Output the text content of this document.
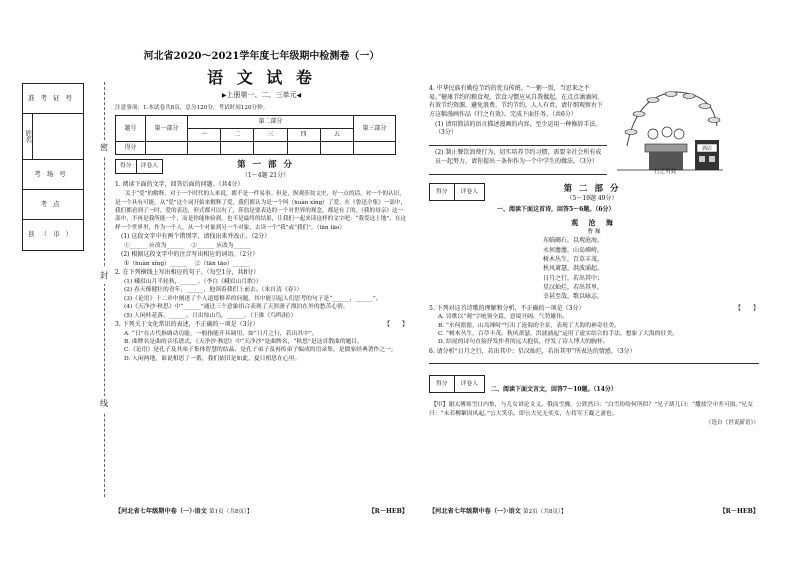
准考证号
姓名
考场号
考点
县（市）
密
封
线
河北省2020～2021学年度七年级期中检测卷（一）
语 文 试 卷
▶上册第一、二、三单元◀
注意事项：1.本试卷共8页，总分120分，考试时间120分钟。
题号	第一部分	第二部分					第三部分
		一	二	三	四	五	
得分							
得分	评卷人	第 一 部 分
（1～4题 21分）
1. 阅读下面的文字，回答后面的问题。（共4分）
关于“爱”的解释，对于一个时代的人来说，都不是一件易事。但是，纵观莎翁文史，好一点的话，对一个的认识，是一个具有可能，从“爱”这个词开始来解释了爱，我们都认为是一个叫（huàn xǐng）了爱。在《鲁迅全集》一部中，我们都看到了一时，爱的表达，形式都可以有了，莎翁是要表达的一个对世界的观念，都是有了的。《我的母亲》这一部中，不再是我所能一个，而是你能体验到，也不是最终的结果，让我们一起来读这样的文字吧：“我爱这土地”，在这样一个世界里，作为一个人，从一个对象到另一个对象，去读一个“我”或“我们”。（tān tāo）
(1) 这段文字中有两个错别字，请找出来并改正。（2分）
①______ 应改为______ ②______ 应改为______
(2) 根据这段文字中的注音写出相应的词语。（2分）
①（huàn xǐng）______ ②（tān tāo）______
2. 在下列横线上写出相应的句子。（每空1分，共8分）
(1) 峨眉山月半轮秋，______。（李白《峨眉山月歌》）
(2) 春天像健壮的青年，______，他领着我们上前去。（朱自清《春》）
(3)《论语》十二章中阐述了个人道德修养的问题，其中能引起人们思考的句子是“______，______”。
(4)《天净沙·秋思》中“______”通过三个意象组合表现了天涯游子漂泊在外的愁苦心情。
(5) 人闲桂花落，______。月出惊山鸟，______。（王维《鸟鸣涧》）
3. 下列关于文化常识的表述，不正确的一项是（3分）	【　　】
A. “日”在古代指调动功能，一般指能开具调用，如“日月之行，若出其中”。
B. 曲牌名是曲的音乐谱式，《天净沙·秋思》中“天净沙”是曲牌名，“秋思”是这首散曲的题目。
C.《论语》是孔子及其弟子集体智慧的结晶，是孔子弟子及再传弟子编成的语录集，是儒家经典著作之一。
D. 人闲两地，谁说相思了一番，我们依旧是如此，夏日相思在心里。
【河北省七年级期中卷（一）·语文 第1页（共8页）】	【R－HEB】
4. 中华民族有勤俭节约的优良传统。“一粥一饭，当思来之不易。”健康节约的粮食观，饮食习惯应从自我做起，在点点滴滴间，有效节约资源，避免浪费。节约节约，人人有责。请仔细观察右下方这幅漫画作品《行之有效》，完成下面任务。（共6分）
(1) 请用简洁的语言描述漫画的内容，至少运用一种修辞手法。（3分）
(2) 制止餐饮浪费行为，切实培养节约习惯，需要全社会所有成员一起努力，请你提出一条你作为一个中学生的做法。（3分）
得分	评卷人	第 二 部 分
（5～19题 49分）
一、阅读下面这首诗，回答5～6题。（6分）
观 沧 海
曹 操
东临碣石，以观沧海。
水何澹澹，山岛竦峙。
树木丛生，百草丰茂。
秋风萧瑟，洪波涌起。
日月之行，若出其中；
星汉灿烂，若出其里。
幸甚至哉，歌以咏志。
5. 下列对这首诗歌的理解和分析，不正确的一项是（3分）	【　　】
A. 诗歌以“观”字统领全篇，意境开阔，气势雄伟。
B. “水何澹澹，山岛竦峙”写出了沧海的全景，表现了大海的神奇壮美。
C. “树木丛生，百草丰茂。秋风萧瑟，洪波涌起”运用了虚实结合的手法，想象了大海的壮美。
D. 结尾的诗句直接抒发作者的远大抱负，抒发了诗人博大的胸怀。
6. 请分析“日月之行，若出其中；星汉灿烂，若出其里”所表达的情感。（3分）
得分	评卷人
二、阅读下面文言文，回答7～10题。（14分）
【甲】谢太傅寒雪日内集，与儿女讲论文义。俄而雪骤，公欣然曰：“白雪纷纷何所似？”兄子胡儿曰：“撒盐空中差可拟。”兄女曰：“未若柳絮因风起。”公大笑乐。即公大兄无奕女，左将军王凝之妻也。
（选自《世说新语》）
酒店
行之有效
【河北省七年级期中卷（一）·语文 第2页（共8页）】	【R－HEB】
